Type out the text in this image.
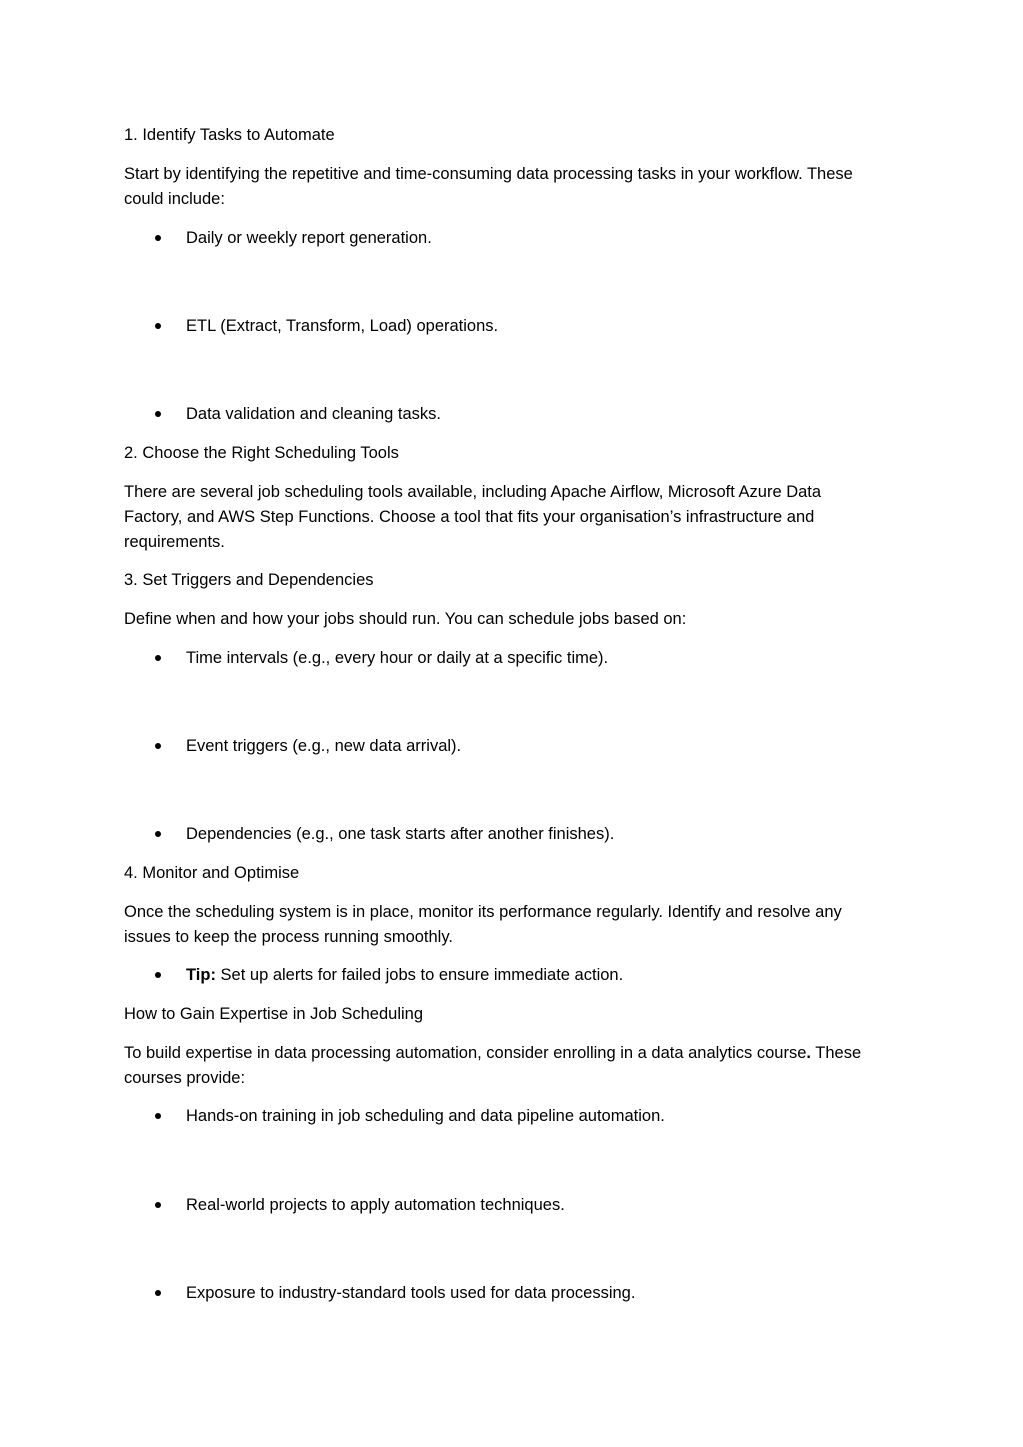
1. Identify Tasks to Automate

Start by identifying the repetitive and time-consuming data processing tasks in your workflow. These

could include:

Daily or weekly report generation.

ETL (Extract, Transform, Load) operations.

Data validation and cleaning tasks.

2. Choose the Right Scheduling Tools

There are several job scheduling tools available, including Apache Airflow, Microsoft Azure Data

Factory, and AWS Step Functions. Choose a tool that fits your organisation’s infrastructure and

requirements.

3. Set Triggers and Dependencies

Define when and how your jobs should run. You can schedule jobs based on:

Time intervals (e.g., every hour or daily at a specific time).

Event triggers (e.g., new data arrival).

Dependencies (e.g., one task starts after another finishes).

4. Monitor and Optimise

Once the scheduling system is in place, monitor its performance regularly. Identify and resolve any

issues to keep the process running smoothly.

Tip: Set up alerts for failed jobs to ensure immediate action.

How to Gain Expertise in Job Scheduling

To build expertise in data processing automation, consider enrolling in a data analytics course. These

courses provide:

Hands-on training in job scheduling and data pipeline automation.

Real-world projects to apply automation techniques.

Exposure to industry-standard tools used for data processing.
